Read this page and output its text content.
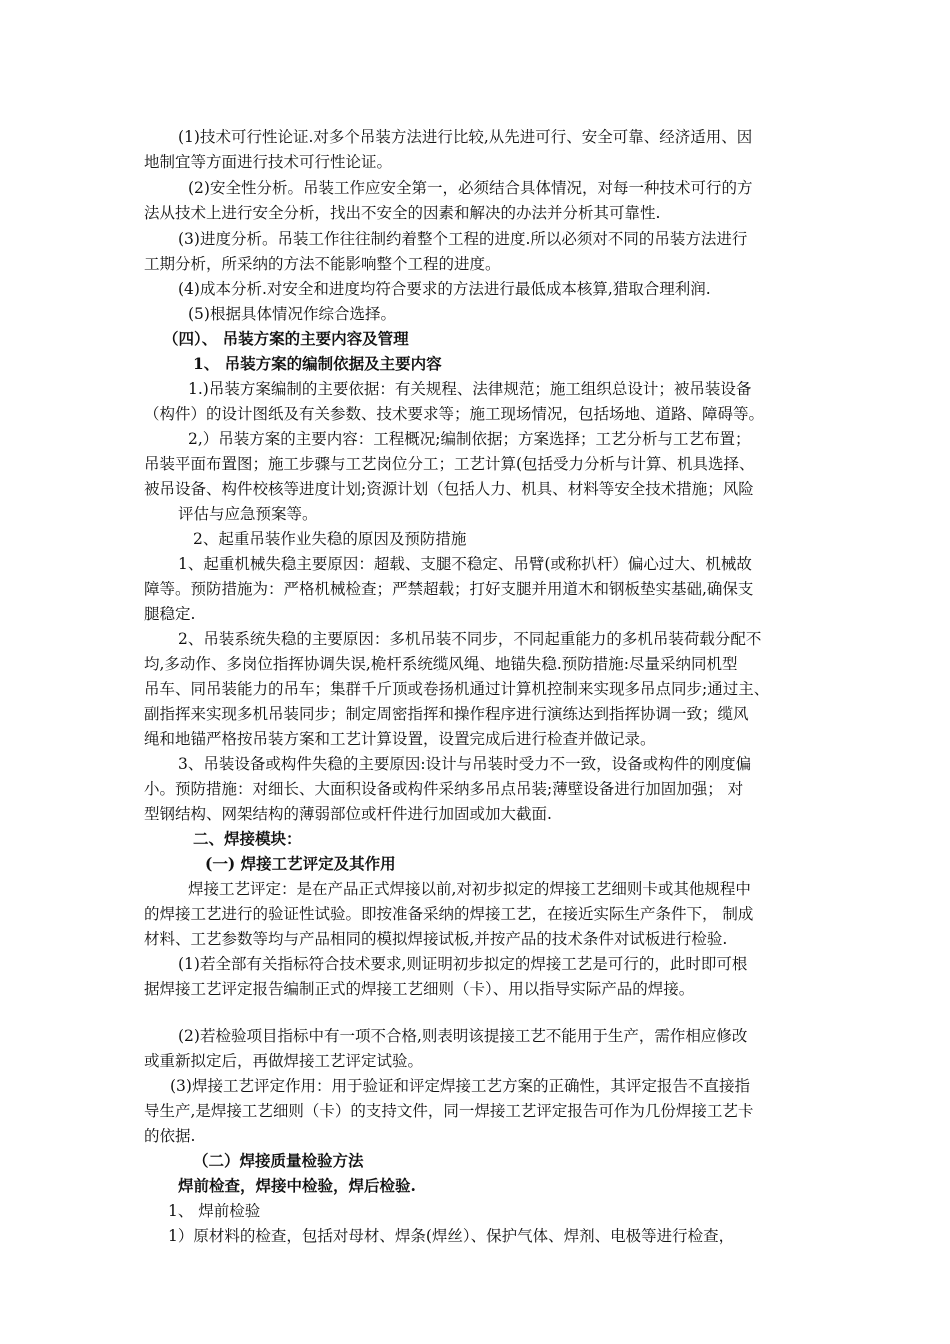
(1)技术可行性论证.对多个吊装方法进行比较,从先进可行、安全可靠、经济适用、因
地制宜等方面进行技术可行性论证。
(2)安全性分析。吊装工作应安全第一，必须结合具体情况，对每一种技术可行的方
法从技术上进行安全分析，找出不安全的因素和解决的办法并分析其可靠性.
(3)进度分析。吊装工作往往制约着整个工程的进度.所以必须对不同的吊装方法进行
工期分析，所采纳的方法不能影响整个工程的进度。
(4)成本分析.对安全和进度均符合要求的方法进行最低成本核算,猎取合理利润.
(5)根据具体情况作综合选择。
（四）、 吊装方案的主要内容及管理
1、 吊装方案的编制依据及主要内容
1.)吊装方案编制的主要依据：有关规程、法律规范；施工组织总设计；被吊装设备
（构件）的设计图纸及有关参数、技术要求等；施工现场情况，包括场地、道路、障碍等。
2,）吊装方案的主要内容：工程概况;编制依据；方案选择；工艺分析与工艺布置；
吊装平面布置图；施工步骤与工艺岗位分工；工艺计算(包括受力分析与计算、机具选择、
被吊设备、构件校核等进度计划;资源计划（包括人力、机具、材料等安全技术措施；风险
评估与应急预案等。
2、起重吊装作业失稳的原因及预防措施
1、起重机械失稳主要原因：超载、支腿不稳定、吊臂(或称扒杆）偏心过大、机械故
障等。预防措施为：严格机械检查；严禁超载；打好支腿并用道木和钢板垫实基础,确保支
腿稳定.
2、吊装系统失稳的主要原因：多机吊装不同步，不同起重能力的多机吊装荷载分配不
均,多动作、多岗位指挥协调失误,桅杆系统缆风绳、地锚失稳.预防措施:尽量采纳同机型
吊车、同吊装能力的吊车；集群千斤顶或卷扬机通过计算机控制来实现多吊点同步;通过主、
副指挥来实现多机吊装同步；制定周密指挥和操作程序进行演练达到指挥协调一致；缆风
绳和地锚严格按吊装方案和工艺计算设置，设置完成后进行检查并做记录。
3、吊装设备或构件失稳的主要原因:设计与吊装时受力不一致，设备或构件的刚度偏
小。预防措施：对细长、大面积设备或构件采纳多吊点吊装;薄壁设备进行加固加强； 对
型钢结构、网架结构的薄弱部位或杆件进行加固或加大截面.
二、焊接模块：
(一) 焊接工艺评定及其作用
焊接工艺评定：是在产品正式焊接以前,对初步拟定的焊接工艺细则卡或其他规程中
的焊接工艺进行的验证性试验。即按准备采纳的焊接工艺，在接近实际生产条件下， 制成
材料、工艺参数等均与产品相同的模拟焊接试板,并按产品的技术条件对试板进行检验.
(1)若全部有关指标符合技术要求,则证明初步拟定的焊接工艺是可行的，此时即可根
据焊接工艺评定报告编制正式的焊接工艺细则（卡）、用以指导实际产品的焊接。
(2)若检验项目指标中有一项不合格,则表明该提接工艺不能用于生产，需作相应修改
或重新拟定后，再做焊接工艺评定试验。
(3)焊接工艺评定作用：用于验证和评定焊接工艺方案的正确性，其评定报告不直接指
导生产,是焊接工艺细则（卡）的支持文件，同一焊接工艺评定报告可作为几份焊接工艺卡
的依据.
（二）焊接质量检验方法
焊前检查，焊接中检验，焊后检验.
1、 焊前检验
1）原材料的检查，包括对母材、焊条(焊丝）、保护气体、焊剂、电极等进行检查，
